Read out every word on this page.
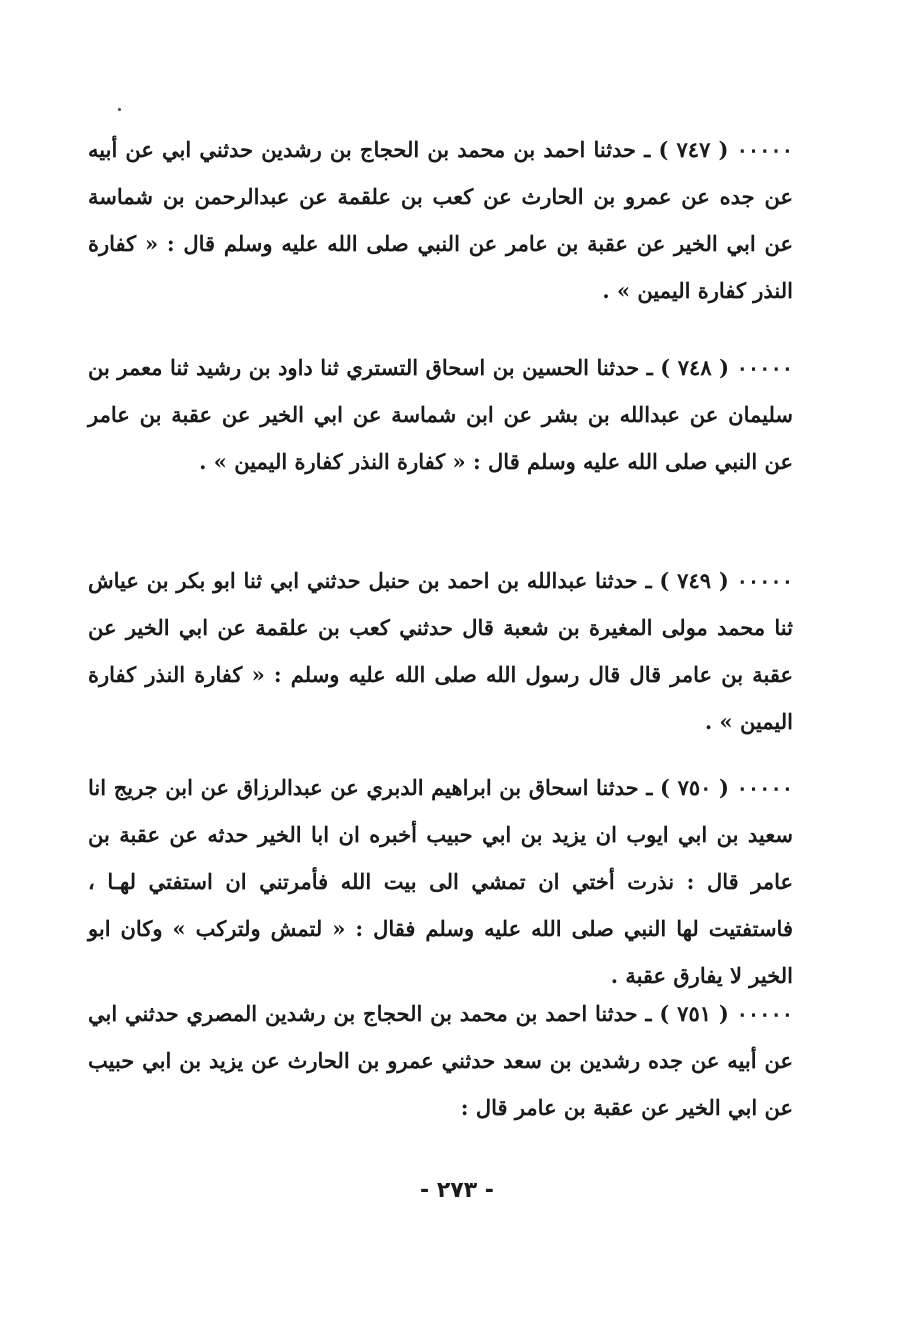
٠٠٠٠٠ ( ٧٤٧ ) ـ حدثنا احمد بن محمد بن الحجاج بن رشدين حدثني ابي عن أبيه عن جده عن عمرو بن الحارث عن كعب بن علقمة عن عبدالرحمن بن شماسة عن ابي الخير عن عقبة بن عامر عن النبي صلى الله عليه وسلم قال : « كفارة النذر كفارة اليمين » .

٠٠٠٠٠ ( ٧٤٨ ) ـ حدثنا الحسين بن اسحاق التستري ثنا داود بن رشيد ثنا معمر بن سليمان عن عبدالله بن بشر عن ابن شماسة عن ابي الخير عن عقبة بن عامر عن النبي صلى الله عليه وسلم قال : « كفارة النذر كفارة اليمين » .

٠٠٠٠٠ ( ٧٤٩ ) ـ حدثنا عبدالله بن احمد بن حنبل حدثني ابي ثنا ابو بكر بن عياش ثنا محمد مولى المغيرة بن شعبة قال حدثني كعب بن علقمة عن ابي الخير عن عقبة بن عامر قال قال رسول الله صلى الله عليه وسلم : « كفارة النذر كفارة اليمين » .

٠٠٠٠٠ ( ٧٥٠ ) ـ حدثنا اسحاق بن ابراهيم الدبري عن عبدالرزاق عن ابن جريج انا سعيد بن ابي ايوب ان يزيد بن ابي حبيب أخبره ان ابا الخير حدثه عن عقبة بن عامر قال : نذرت أختي ان تمشي الى بيت الله فأمرتني ان استفتي لهـا ، فاستفتيت لها النبي صلى الله عليه وسلم فقال : « لتمش ولتركب » وكان ابو الخير لا يفارق عقبة .

٠٠٠٠٠ ( ٧٥١ ) ـ حدثنا احمد بن محمد بن الحجاج بن رشدين المصري حدثني ابي عن أبيه عن جده رشدين بن سعد حدثني عمرو بن الحارث عن يزيد بن ابي حبيب عن ابي الخير عن عقبة بن عامر قال :

- ٢٧٣ -
